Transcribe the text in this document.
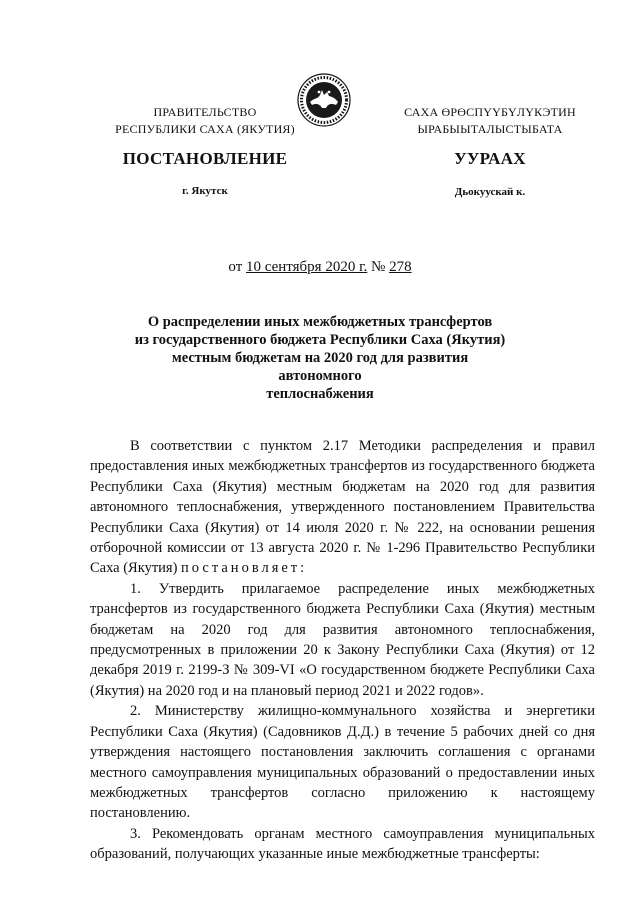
ПРАВИТЕЛЬСТВО
РЕСПУБЛИКИ САХА (ЯКУТИЯ)
САХА ӨРӨСПҮҮБҮЛҮКЭТИН
ЫРАБЫЫТАЛЫСТЫБАТА
ПОСТАНОВЛЕНИЕ	УУРААХ
г. Якутск	Дьокуускай к.
от 10 сентября 2020 г. № 278
О распределении иных межбюджетных трансфертов
из государственного бюджета Республики Саха (Якутия)
местным бюджетам на 2020 год для развития автономного
теплоснабжения

В соответствии с пунктом 2.17 Методики распределения и правил предоставления иных межбюджетных трансфертов из государственного бюджета Республики Саха (Якутия) местным бюджетам на 2020 год для развития автономного теплоснабжения, утвержденного постановлением Правительства Республики Саха (Якутия) от 14 июля 2020 г. № 222, на основании решения отборочной комиссии от 13 августа 2020 г. № 1-296 Правительство Республики Саха (Якутия) постановляет:

1. Утвердить прилагаемое распределение иных межбюджетных трансфертов из государственного бюджета Республики Саха (Якутия) местным бюджетам на 2020 год для развития автономного теплоснабжения, предусмотренных в приложении 20 к Закону Республики Саха (Якутия) от 12 декабря 2019 г. 2199-З № 309-VI «О государственном бюджете Республики Саха (Якутия) на 2020 год и на плановый период 2021 и 2022 годов».

2. Министерству жилищно-коммунального хозяйства и энергетики Республики Саха (Якутия) (Садовников Д.Д.) в течение 5 рабочих дней со дня утверждения настоящего постановления заключить соглашения с органами местного самоуправления муниципальных образований о предоставлении иных межбюджетных трансфертов согласно приложению к настоящему постановлению.

3. Рекомендовать органам местного самоуправления муниципальных образований, получающих указанные иные межбюджетные трансферты:
